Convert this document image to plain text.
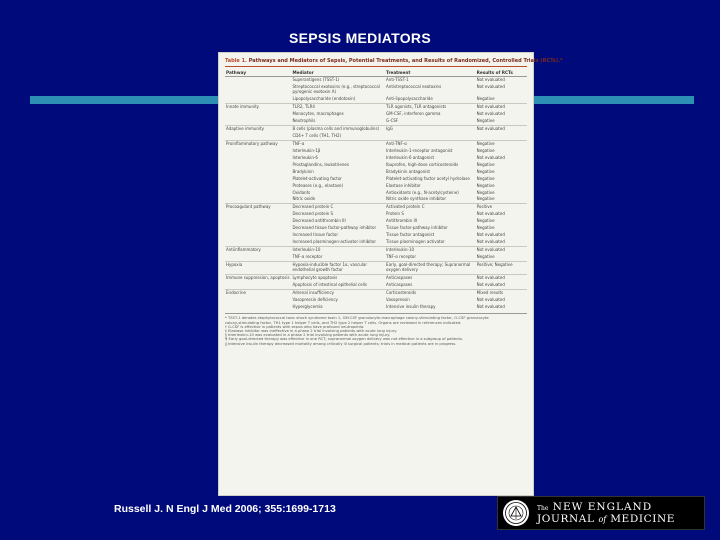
SEPSIS MEDIATORS
Table 1. Pathways and Mediators of Sepsis, Potential Treatments, and Results of Randomized, Controlled Trials (RCTs).*
Pathway	Mediator	Treatment	Results of RCTs
	Superantigens (TSST-1)	Anti-TSST-1	Not evaluated
	Streptococcal exotoxins (e.g., streptococcal pyrogenic exotoxin A)	Antistreptococcal exotoxins	Not evaluated
	Lipopolysaccharide (endotoxin)	Anti-lipopolysaccharide	Negative
Innate immunity	TLR2, TLR4	TLR agonists, TLR antagonists	Not evaluated
	Monocytes, macrophages	GM-CSF, interferon gamma	Not evaluated
	Neutrophils	G-CSF	Negative
Adaptive immunity	B cells (plasma cells and immunoglobulins)	IgG	Not evaluated
	CD4+ T cells (TH1, TH2)		
Proinflammatory pathway	TNF-α	Anti-TNF-α	Negative
	Interleukin-1β	Interleukin-1-receptor antagonist	Negative
	Interleukin-6	Interleukin-6 antagonist	Not evaluated
	Prostaglandins, leukotrienes	Ibuprofen, high-dose corticosteroids	Negative
	Bradykinin	Bradykinin antagonist	Negative
	Platelet-activating factor	Platelet-activating factor acetyl hydrolase	Negative
	Proteases (e.g., elastase)	Elastase inhibitor	Negative
	Oxidants	Antioxidants (e.g., N-acetylcysteine)	Negative
	Nitric oxide	Nitric oxide synthase inhibitor	Negative
Procoagulant pathway	Decreased protein C	Activated protein C	Positive
	Decreased protein S	Protein S	Not evaluated
	Decreased antithrombin III	Antithrombin III	Negative
	Decreased tissue factor-pathway inhibitor	Tissue factor-pathway inhibitor	Negative
	Increased tissue factor	Tissue factor antagonist	Not evaluated
	Increased plasminogen-activator inhibitor	Tissue plasminogen activator	Not evaluated
Antiinflammatory	Interleukin-10	Interleukin-10	Not evaluated
	TNF-α receptor	TNF-α receptor	Negative
Hypoxia	Hypoxia-inducible factor 1α, vascular endothelial growth factor	Early, goal-directed therapy; Supranormal oxygen delivery	Positive; Negative
Immune suppression, apoptosis	Lymphocyte apoptosis	Anticaspases	Not evaluated
	Apoptosis of intestinal epithelial cells	Anticaspases	Not evaluated
Endocrine	Adrenal insufficiency	Corticosteroids	Mixed results
	Vasopressin deficiency	Vasopressin	Not evaluated
	Hyperglycemia	Intensive insulin therapy	Not evaluated

* TSST-1 denotes staphylococcal toxic shock syndrome toxin 1, GM-CSF granulocyte-macrophage colony-stimulating factor, G-CSF granulocyte

colony-stimulating factor, TH1 type 1 helper T cells, and TH2 type 2 helper T cells. Organs are reviewed in references indicated.

† G-CSF is effective in patients with sepsis who have profound neutropenia.

‡ Elastase inhibitor was ineffective in a phase 2 trial involving patients with acute lung injury.

§ Interleukin-10 was evaluated in a phase 2 trial involving patients with acute lung injury.

¶ Early goal-directed therapy was effective in one RCT; supranormal oxygen delivery was not effective in a subgroup of patients.

‖ Intensive insulin therapy decreased mortality among critically ill surgical patients; trials in medical patients are in progress.

Russell J. N Engl J Med 2006; 355:1699-1713	The NEW ENGLAND
JOURNAL of MEDICINE
